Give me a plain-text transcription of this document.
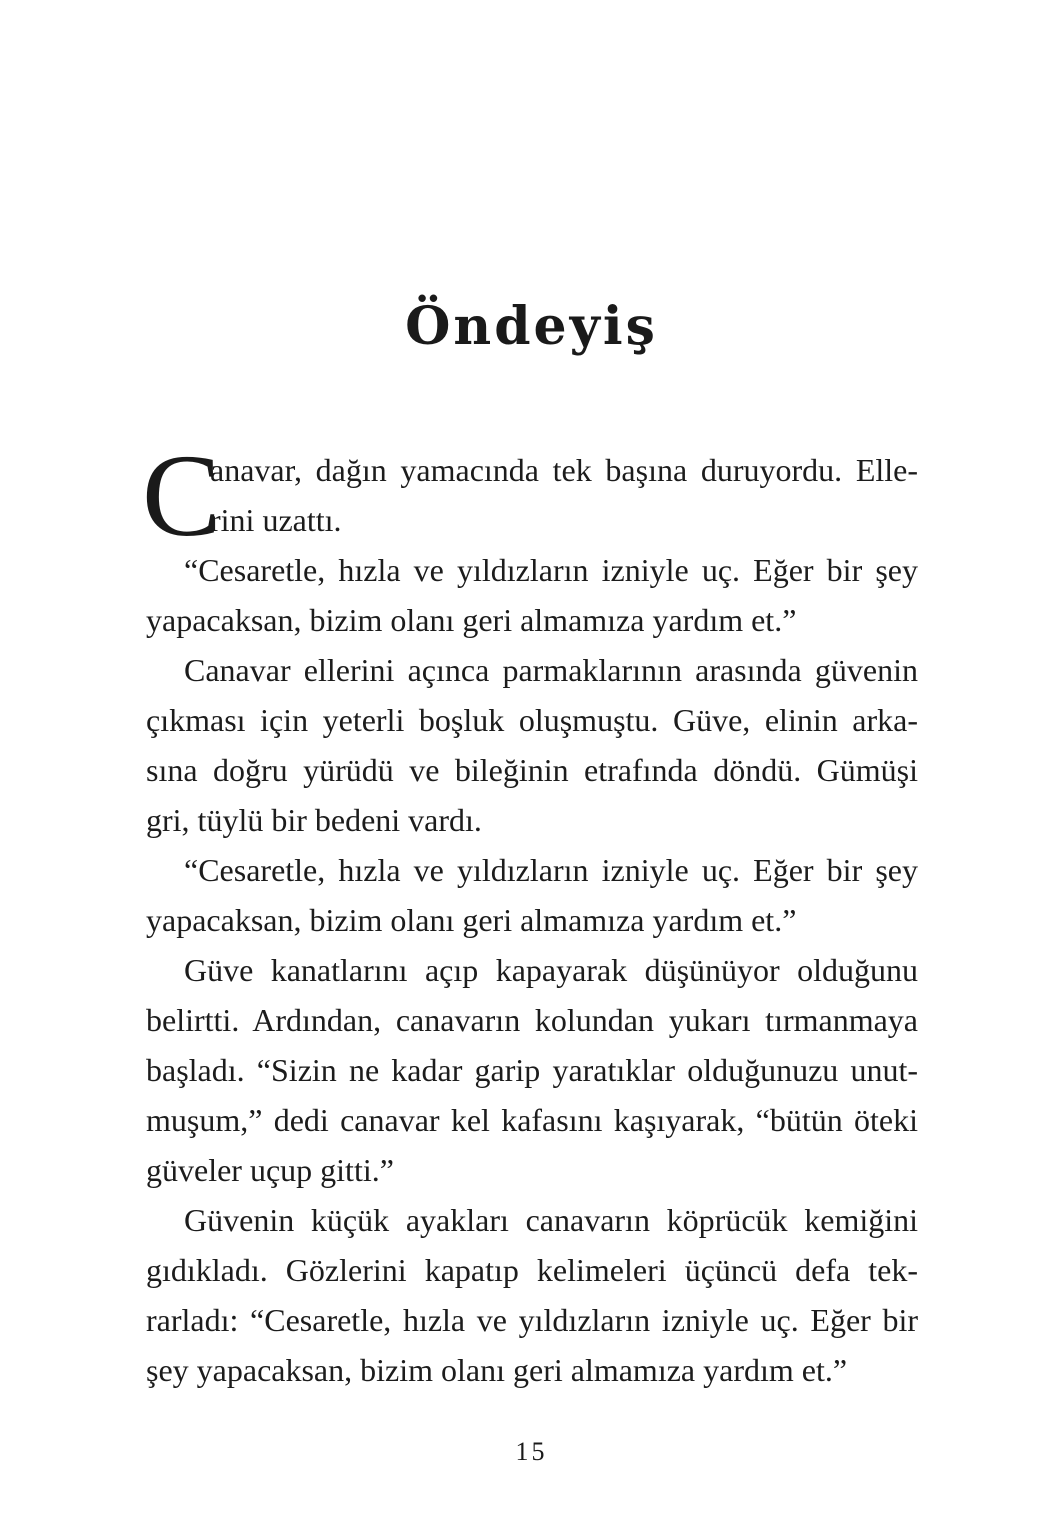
Öndeyiş
C
anavar, dağın yamacında tek başına duruyordu. Elle-
rini uzattı.
“Cesaretle, hızla ve yıldızların izniyle uç. Eğer bir şey
yapacaksan, bizim olanı geri almamıza yardım et.”
Canavar ellerini açınca parmaklarının arasında güvenin
çıkması için yeterli boşluk oluşmuştu. Güve, elinin arka-
sına doğru yürüdü ve bileğinin etrafında döndü. Gümüşi
gri, tüylü bir bedeni vardı.
“Cesaretle, hızla ve yıldızların izniyle uç. Eğer bir şey
yapacaksan, bizim olanı geri almamıza yardım et.”
Güve kanatlarını açıp kapayarak düşünüyor olduğunu
belirtti. Ardından, canavarın kolundan yukarı tırmanmaya
başladı. “Sizin ne kadar garip yaratıklar olduğunuzu unut-
muşum,” dedi canavar kel kafasını kaşıyarak, “bütün öteki
güveler uçup gitti.”
Güvenin küçük ayakları canavarın köprücük kemiğini
gıdıkladı. Gözlerini kapatıp kelimeleri üçüncü defa tek-
rarladı: “Cesaretle, hızla ve yıldızların izniyle uç. Eğer bir
şey yapacaksan, bizim olanı geri almamıza yardım et.”
15
